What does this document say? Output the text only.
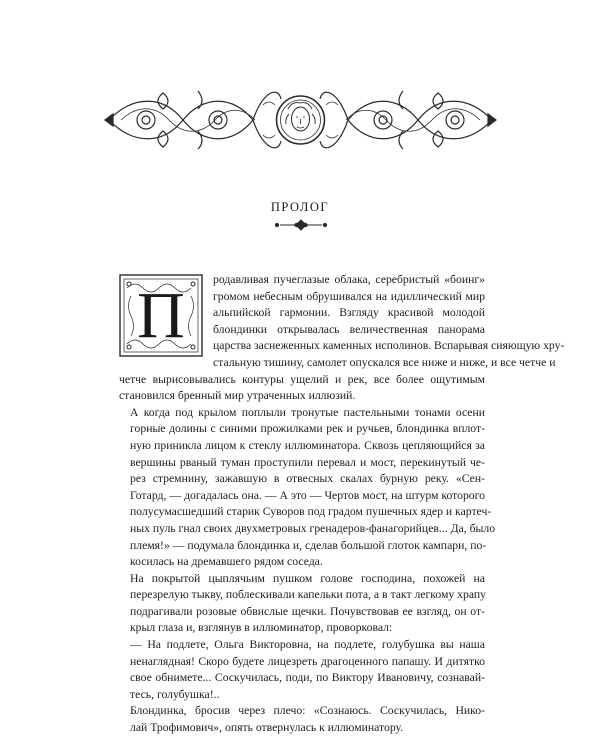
ПРОЛОГ
П	родавливая пучеглазые облака, серебристый «боинг»
громом небесным обрушивался на идиллический мир
альпийской гармонии. Взгляду красивой молодой
блондинки открывалась величественная панорама
царства заснеженных каменных исполинов. Вспарывая сияющую хру-
стальную тишину, самолет опускался все ниже и ниже, и все четче и
четче вырисовывались контуры ущелий и рек, все более ощутимым
становился бренный мир утраченных иллюзий.

А когда под крылом поплыли тронутые пастельными тонами осени
горные долины с синими прожилками рек и ручьев, блондинка вплот-
ную приникла лицом к стеклу иллюминатора. Сквозь цепляющийся за
вершины рваный туман проступили перевал и мост, перекинутый че-
рез стремнину, зажавшую в отвесных скалах бурную реку. «Сен-
Готард, — догадалась она. — А это — Чертов мост, на штурм которого
полусумасшедший старик Суворов под градом пушечных ядер и картеч-
ных пуль гнал своих двухметровых гренадеров-фанагорийцев... Да, было
племя!» — подумала блондинка и, сделав большой глоток кампари, по-
косилась на дремавшего рядом соседа.

На покрытой цыплячьим пушком голове господина, похожей на
перезрелую тыкву, поблескивали капельки пота, а в такт легкому храпу
подрагивали розовые обвислые щечки. Почувствовав ее взгляд, он от-
крыл глаза и, взглянув в иллюминатор, проворковал:

— На подлете, Ольга Викторовна, на подлете, голубушка вы наша
ненаглядная! Скоро будете лицезреть драгоценного папашу. И дитятко
свое обнимете... Соскучилась, поди, по Виктору Ивановичу, сознавай-
тесь, голубушка!..

Блондинка, бросив через плечо: «Сознаюсь. Соскучилась, Нико-
лай Трофимович», опять отвернулась к иллюминатору.
